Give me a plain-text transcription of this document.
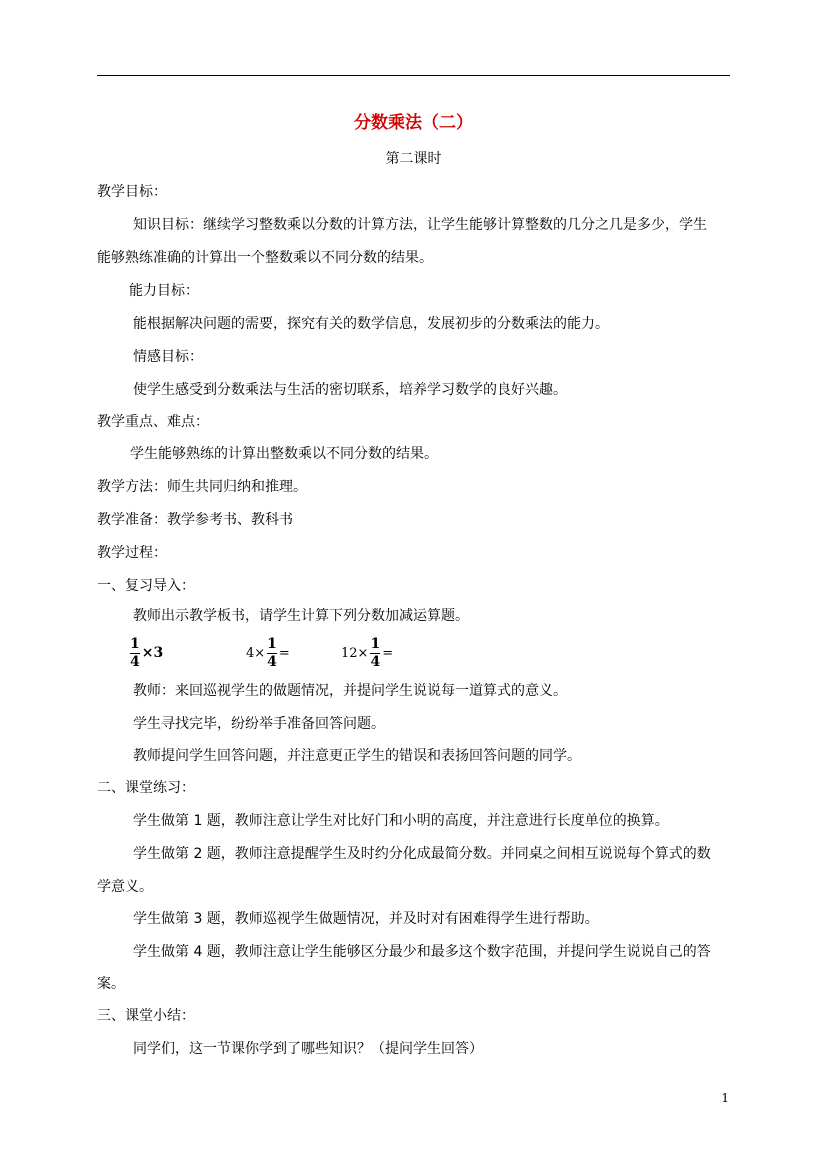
分数乘法（二）
第二课时
教学目标：
知识目标：继续学习整数乘以分数的计算方法，让学生能够计算整数的几分之几是多少，学生
能够熟练准确的计算出一个整数乘以不同分数的结果。
能力目标：
能根据解决问题的需要，探究有关的数学信息，发展初步的分数乘法的能力。
情感目标：
使学生感受到分数乘法与生活的密切联系，培养学习数学的良好兴趣。
教学重点、难点：
学生能够熟练的计算出整数乘以不同分数的结果。
教学方法：师生共同归纳和推理。
教学准备：教学参考书、教科书
教学过程：
一、复习导入：
教师出示教学板书，请学生计算下列分数加减运算题。
$\frac{1}{4} \times 3$	$4\times \frac{1}{4}$ =	$12\times \frac{1}{4}$ =
教师：来回巡视学生的做题情况，并提问学生说说每一道算式的意义。
学生寻找完毕，纷纷举手准备回答问题。
教师提问学生回答问题，并注意更正学生的错误和表扬回答问题的同学。
二、课堂练习：
学生做第 1 题，教师注意让学生对比好门和小明的高度，并注意进行长度单位的换算。
学生做第 2 题，教师注意提醒学生及时约分化成最简分数。并同桌之间相互说说每个算式的数
学意义。
学生做第 3 题，教师巡视学生做题情况，并及时对有困难得学生进行帮助。
学生做第 4 题，教师注意让学生能够区分最少和最多这个数字范围，并提问学生说说自己的答
案。
三、课堂小结：
同学们，这一节课你学到了哪些知识？（提问学生回答）
1
